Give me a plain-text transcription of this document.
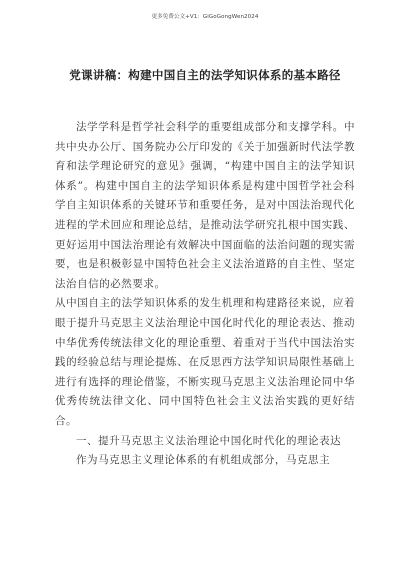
更多免费公文+V1：GiGoGongWen2024
党课讲稿：构建中国自主的法学知识体系的基本路径

法学学科是哲学社会科学的重要组成部分和支撑学科。中共中央办公厅、国务院办公厅印发的《关于加强新时代法学教育和法学理论研究的意见》强调，“构建中国自主的法学知识体系”。构建中国自主的法学知识体系是构建中国哲学社会科学自主知识体系的关键环节和重要任务，是对中国法治现代化进程的学术回应和理论总结，是推动法学研究扎根中国实践、更好运用中国法治理论有效解决中国面临的法治问题的现实需要，也是积极彰显中国特色社会主义法治道路的自主性、坚定法治自信的必然要求。

从中国自主的法学知识体系的发生机理和构建路径来说，应着眼于提升马克思主义法治理论中国化时代化的理论表达、推动中华优秀传统法律文化的理论重塑、着重对于当代中国法治实践的经验总结与理论提炼、在反思西方法学知识局限性基础上进行有选择的理论借鉴，不断实现马克思主义法治理论同中华优秀传统法律文化、同中国特色社会主义法治实践的更好结合。

一、提升马克思主义法治理论中国化时代化的理论表达

作为马克思主义理论体系的有机组成部分，马克思主
